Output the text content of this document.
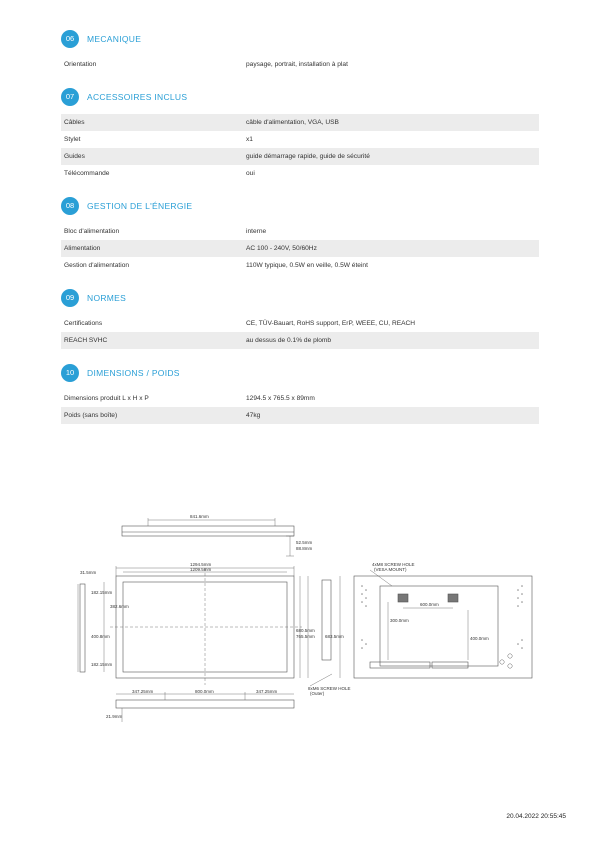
06	MECANIQUE
Orientation	paysage, portrait, installation à plat
07	ACCESSOIRES INCLUS
Câbles	câble d'alimentation, VGA, USB
Stylet	x1
Guides	guide démarrage rapide, guide de sécurité
Télécommande	oui
08	GESTION DE L'ÉNERGIE
Bloc d'alimentation	interne
Alimentation	AC 100 - 240V, 50/60Hz
Gestion d'alimentation	110W typique, 0.5W en veille, 0.5W éteint
09	NORMES
Certifications	CE, TÜV-Bauart, RoHS support, ErP, WEEE, CU, REACH
REACH SVHC	au dessus de 0.1% de plomb
10	DIMENSIONS / POIDS
Dimensions produit L x H x P	1294.5 x 765.5 x 89mm
Poids (sans boîte)	47kg
841.6mm
52.5mm
88.8mm
1294.5mm
1209.5mm
31.5mm
182.15mm
382.6mm
400.8mm
182.15mm
680.5mm
765.5mm 683.5mm
347.25mm	800.0mm	347.25mm
21.9mm
4xM8 SCREW HOLE
(VESA MOUNT)
600.0mm
300.0mm
400.0mm
8xM6 SCREW HOLE
(Outer)
20.04.2022 20:55:45
